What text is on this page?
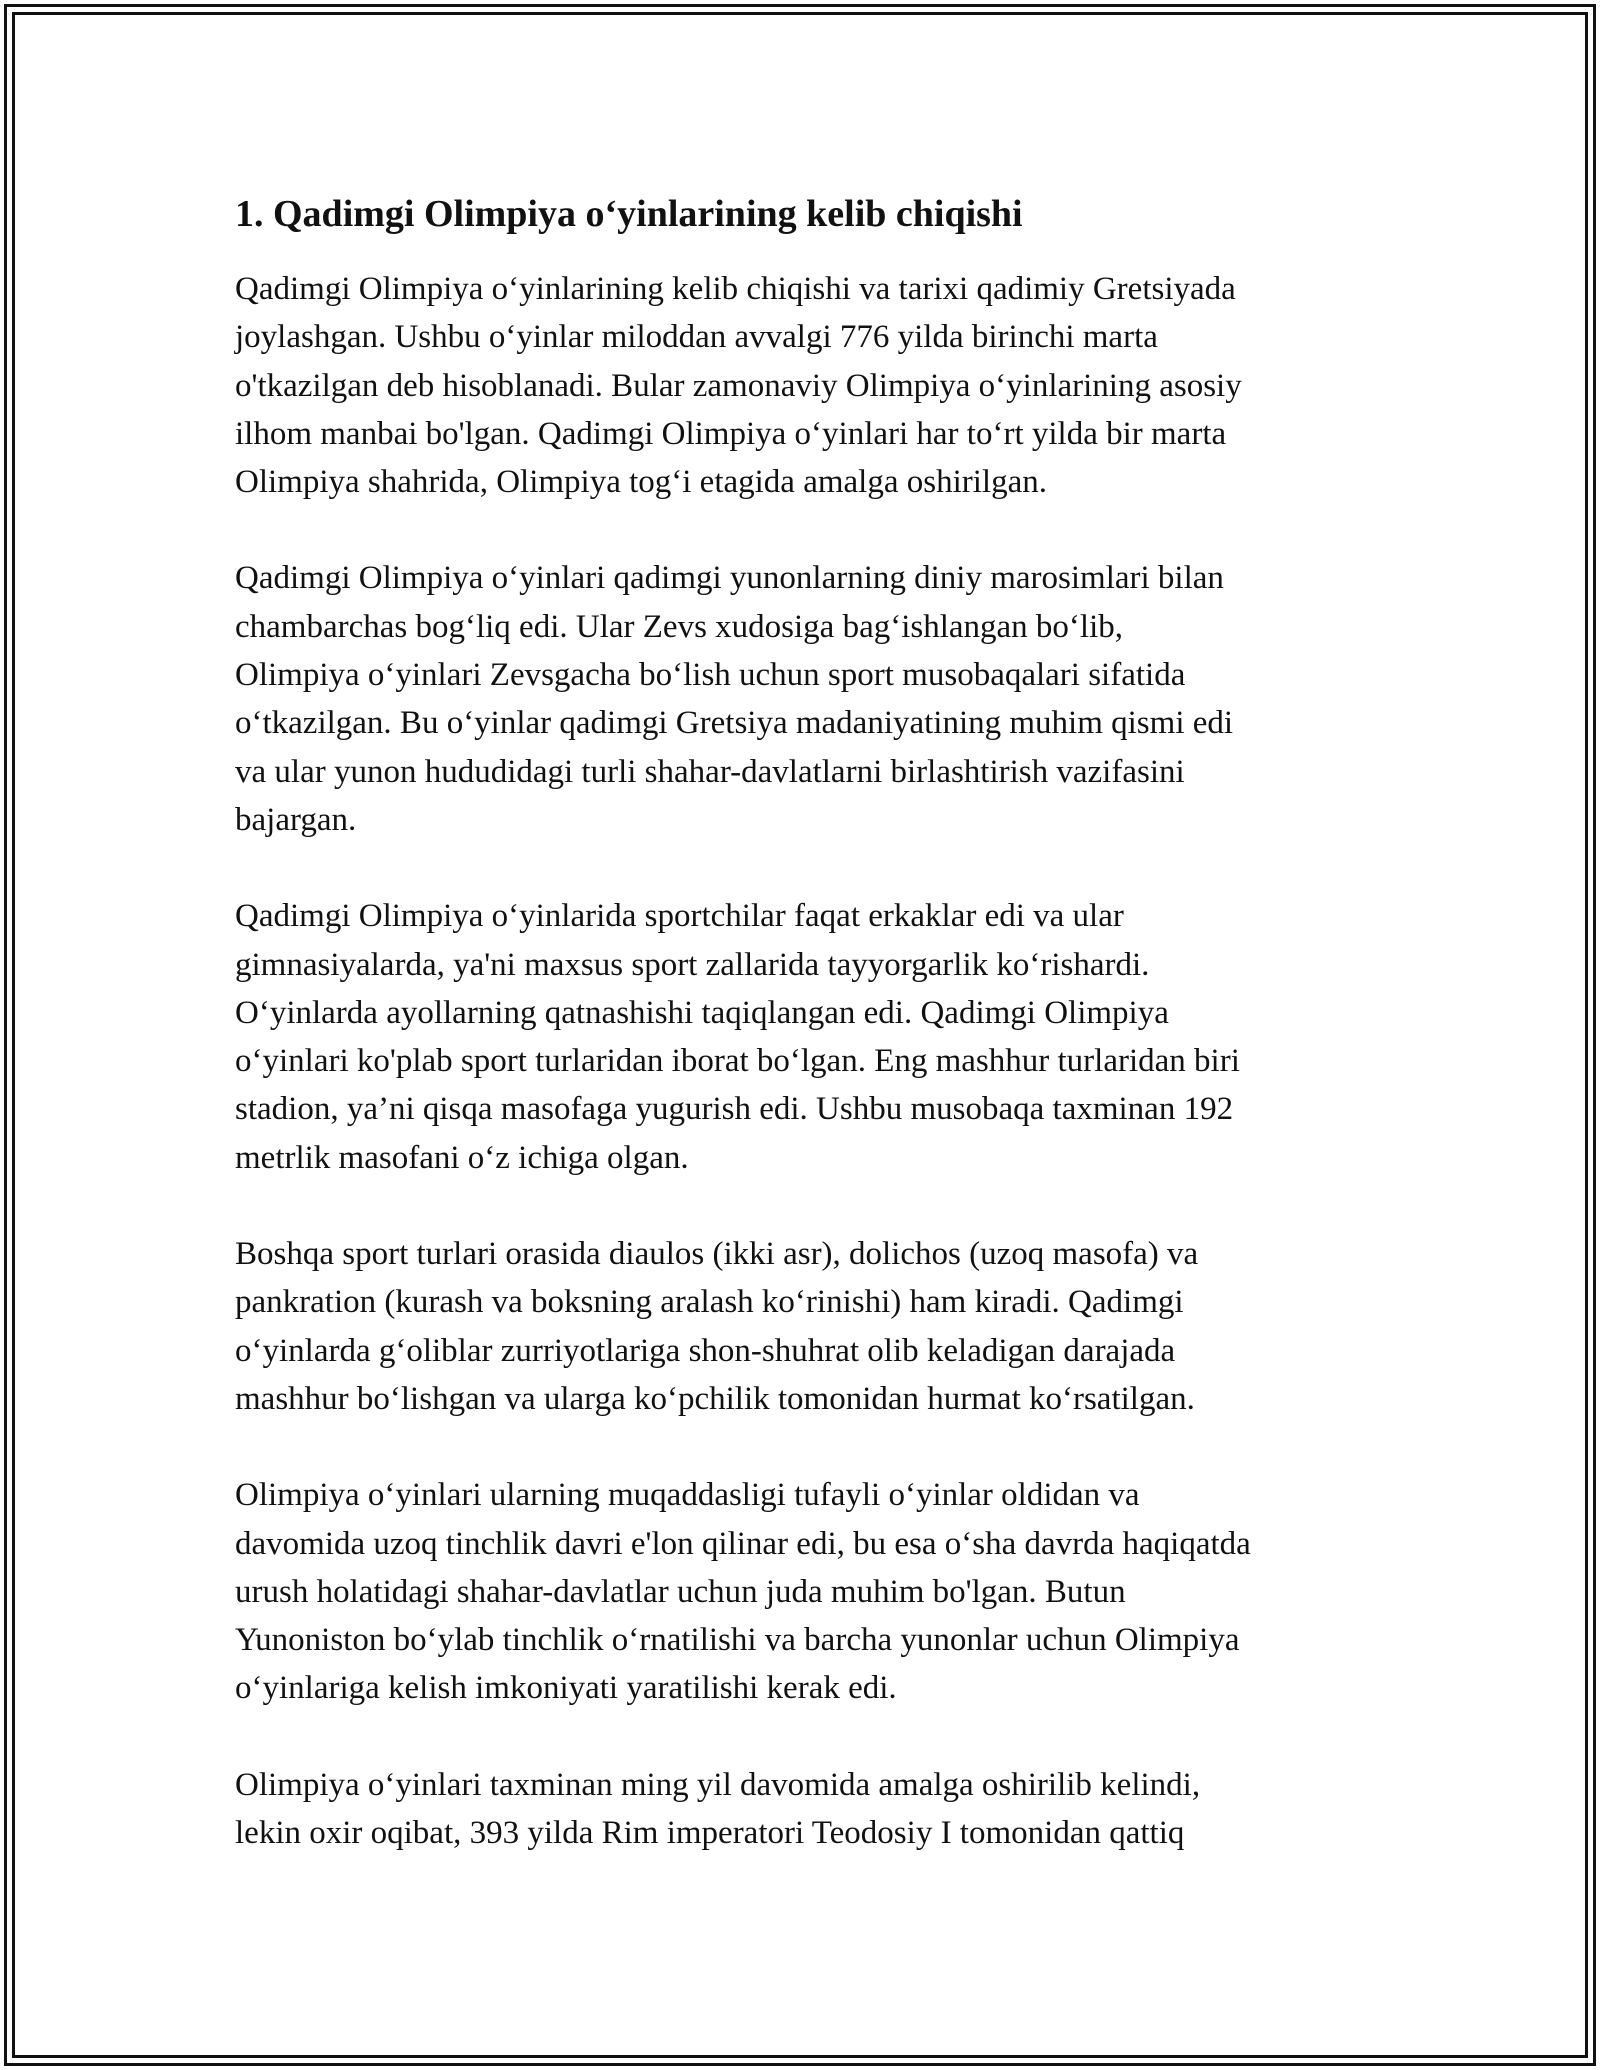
1. Qadimgi Olimpiya o‘yinlarining kelib chiqishi

Qadimgi Olimpiya o‘yinlarining kelib chiqishi va tarixi qadimiy Gretsiyada
joylashgan. Ushbu o‘yinlar miloddan avvalgi 776 yilda birinchi marta
o'tkazilgan deb hisoblanadi. Bular zamonaviy Olimpiya o‘yinlarining asosiy
ilhom manbai bo'lgan. Qadimgi Olimpiya o‘yinlari har to‘rt yilda bir marta
Olimpiya shahrida, Olimpiya tog‘i etagida amalga oshirilgan.

Qadimgi Olimpiya o‘yinlari qadimgi yunonlarning diniy marosimlari bilan
chambarchas bog‘liq edi. Ular Zevs xudosiga bag‘ishlangan bo‘lib,
Olimpiya o‘yinlari Zevsgacha bo‘lish uchun sport musobaqalari sifatida
o‘tkazilgan. Bu o‘yinlar qadimgi Gretsiya madaniyatining muhim qismi edi
va ular yunon hududidagi turli shahar-davlatlarni birlashtirish vazifasini
bajargan.

Qadimgi Olimpiya o‘yinlarida sportchilar faqat erkaklar edi va ular
gimnasiyalarda, ya'ni maxsus sport zallarida tayyorgarlik ko‘rishardi.
O‘yinlarda ayollarning qatnashishi taqiqlangan edi. Qadimgi Olimpiya
o‘yinlari ko'plab sport turlaridan iborat bo‘lgan. Eng mashhur turlaridan biri
stadion, ya’ni qisqa masofaga yugurish edi. Ushbu musobaqa taxminan 192
metrlik masofani o‘z ichiga olgan.

Boshqa sport turlari orasida diaulos (ikki asr), dolichos (uzoq masofa) va
pankration (kurash va boksning aralash ko‘rinishi) ham kiradi. Qadimgi
o‘yinlarda g‘oliblar zurriyotlariga shon-shuhrat olib keladigan darajada
mashhur bo‘lishgan va ularga ko‘pchilik tomonidan hurmat ko‘rsatilgan.

Olimpiya o‘yinlari ularning muqaddasligi tufayli o‘yinlar oldidan va
davomida uzoq tinchlik davri e'lon qilinar edi, bu esa o‘sha davrda haqiqatda
urush holatidagi shahar-davlatlar uchun juda muhim bo'lgan. Butun
Yunoniston bo‘ylab tinchlik o‘rnatilishi va barcha yunonlar uchun Olimpiya
o‘yinlariga kelish imkoniyati yaratilishi kerak edi.

Olimpiya o‘yinlari taxminan ming yil davomida amalga oshirilib kelindi,
lekin oxir oqibat, 393 yilda Rim imperatori Teodosiy I tomonidan qattiq
